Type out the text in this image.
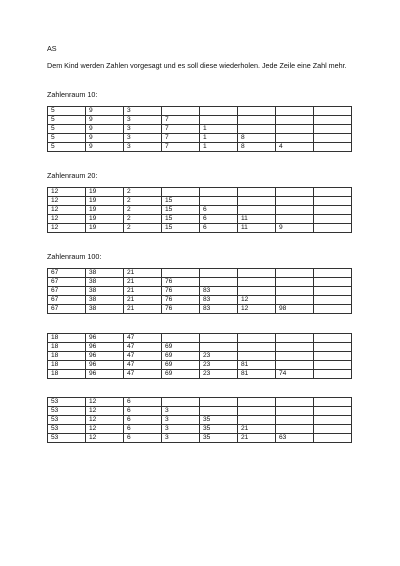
AS
Dem Kind werden Zahlen vorgesagt und es soll diese wiederholen. Jede Zeile eine Zahl mehr.
Zahlenraum 10:
5	9	3					
5	9	3	7				
5	9	3	7	1			
5	9	3	7	1	8		
5	9	3	7	1	8	4	
Zahlenraum 20:
12	19	2					
12	19	2	15				
12	19	2	15	6			
12	19	2	15	6	11		
12	19	2	15	6	11	9	
Zahlenraum 100:
67	38	21					
67	38	21	76				
67	38	21	76	83			
67	38	21	76	83	12		
67	38	21	76	83	12	98	
18	96	47					
18	96	47	69				
18	96	47	69	23			
18	96	47	69	23	81		
18	96	47	69	23	81	74	
53	12	6					
53	12	6	3				
53	12	6	3	35			
53	12	6	3	35	21		
53	12	6	3	35	21	63	
